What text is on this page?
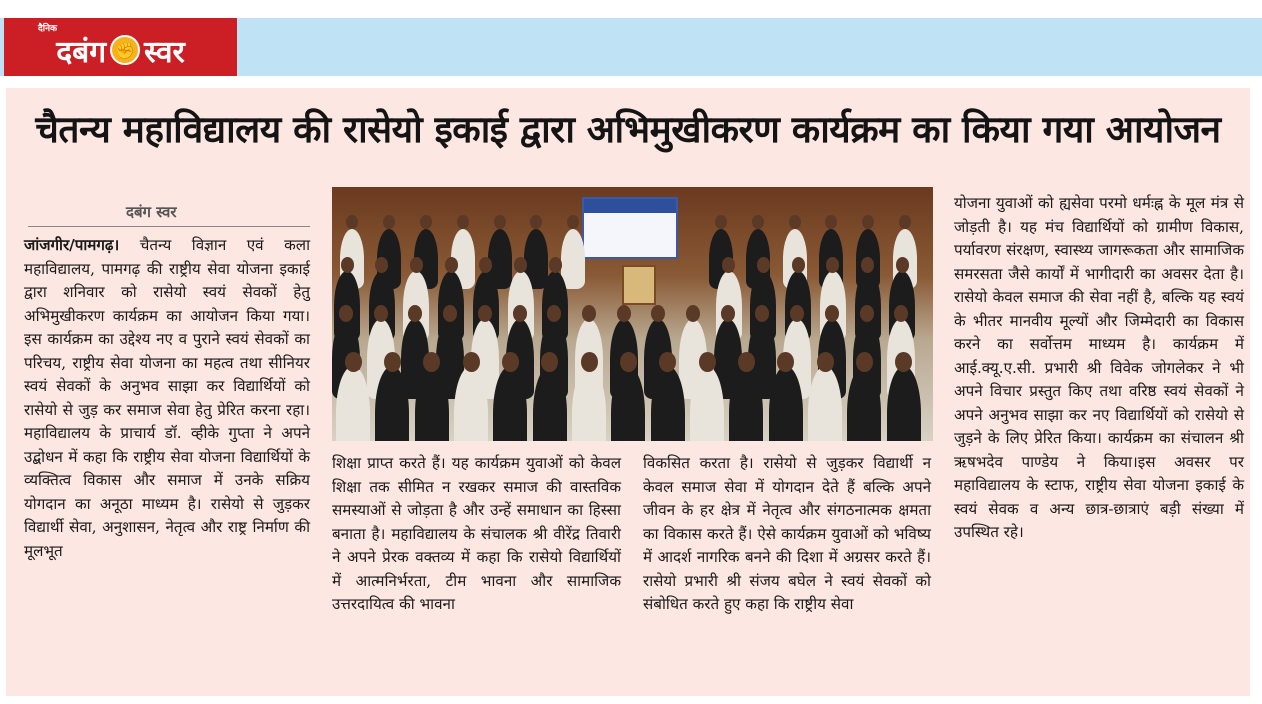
दैनिक
दबंग ✊ स्वर
चैतन्य महाविद्यालय की रासेयो इकाई द्वारा अभिमुखीकरण कार्यक्रम का किया गया आयोजन
दबंग स्वर
जांजगीर/पामगढ़। चैतन्य विज्ञान एवं कला महाविद्यालय, पामगढ़ की राष्ट्रीय सेवा योजना इकाई द्वारा शनिवार को रासेयो स्वयं सेवकों हेतु अभिमुखीकरण कार्यक्रम का आयोजन किया गया। इस कार्यक्रम का उद्देश्य नए व पुराने स्वयं सेवकों का परिचय, राष्ट्रीय सेवा योजना का महत्व तथा सीनियर स्वयं सेवकों के अनुभव साझा कर विद्यार्थियों को रासेयो से जुड़ कर समाज सेवा हेतु प्रेरित करना रहा। महाविद्यालय के प्राचार्य डॉ. व्हीके गुप्ता ने अपने उद्बोधन में कहा कि राष्ट्रीय सेवा योजना विद्यार्थियों के व्यक्तित्व विकास और समाज में उनके सक्रिय योगदान का अनूठा माध्यम है। रासेयो से जुड़कर विद्यार्थी सेवा, अनुशासन, नेतृत्व और राष्ट्र निर्माण की मूलभूत
शिक्षा प्राप्त करते हैं। यह कार्यक्रम युवाओं को केवल शिक्षा तक सीमित न रखकर समाज की वास्तविक समस्याओं से जोड़ता है और उन्हें समाधान का हिस्सा बनाता है। महाविद्यालय के संचालक श्री वीरेंद्र तिवारी ने अपने प्रेरक वक्तव्य में कहा कि रासेयो विद्यार्थियों में आत्मनिर्भरता, टीम भावना और सामाजिक उत्तरदायित्व की भावना
विकसित करता है। रासेयो से जुड़कर विद्यार्थी न केवल समाज सेवा में योगदान देते हैं बल्कि अपने जीवन के हर क्षेत्र में नेतृत्व और संगठनात्मक क्षमता का विकास करते हैं। ऐसे कार्यक्रम युवाओं को भविष्य में आदर्श नागरिक बनने की दिशा में अग्रसर करते हैं। रासेयो प्रभारी श्री संजय बघेल ने स्वयं सेवकों को संबोधित करते हुए कहा कि राष्ट्रीय सेवा
योजना युवाओं को ह्यसेवा परमो धर्मःह्न के मूल मंत्र से जोड़ती है। यह मंच विद्यार्थियों को ग्रामीण विकास, पर्यावरण संरक्षण, स्वास्थ्य जागरूकता और सामाजिक समरसता जैसे कार्यों में भागीदारी का अवसर देता है। रासेयो केवल समाज की सेवा नहीं है, बल्कि यह स्वयं के भीतर मानवीय मूल्यों और जिम्मेदारी का विकास करने का सर्वोत्तम माध्यम है। कार्यक्रम में आई.क्यू.ए.सी. प्रभारी श्री विवेक जोगलेकर ने भी अपने विचार प्रस्तुत किए तथा वरिष्ठ स्वयं सेवकों ने अपने अनुभव साझा कर नए विद्यार्थियों को रासेयो से जुड़ने के लिए प्रेरित किया। कार्यक्रम का संचालन श्री ऋषभदेव पाण्डेय ने किया।इस अवसर पर महाविद्यालय के स्टाफ, राष्ट्रीय सेवा योजना इकाई के स्वयं सेवक व अन्य छात्र-छात्राएं बड़ी संख्या में उपस्थित रहे।
